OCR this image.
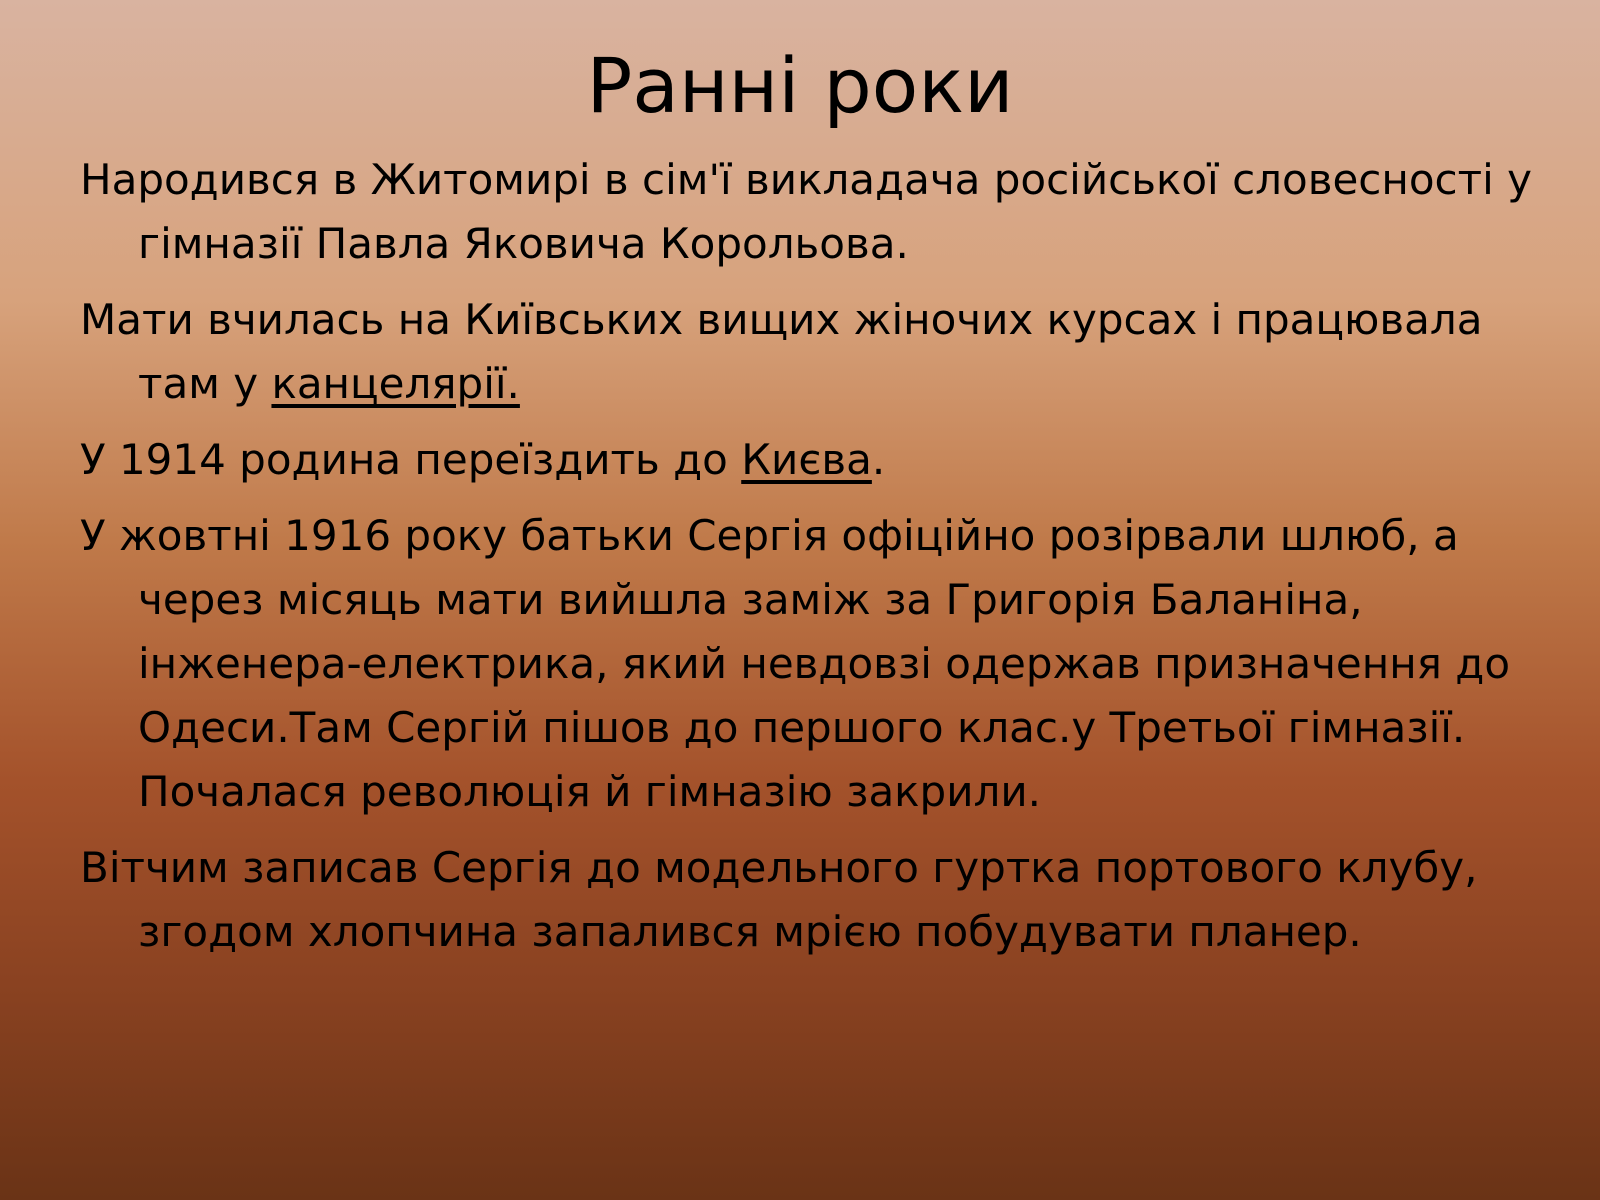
Ранні роки
Народився в Житомирі в сім'ї викладача російської словесності у гімназії Павла Яковича Корольова.
Мати вчилась на Київських вищих жіночих курсах і працювала там у канцелярії.
У 1914 родина переїздить до Києва.
У жовтні 1916 року батьки Сергія офіційно розірвали шлюб, а через місяць мати вийшла заміж за Григорія Баланіна, інженера-електрика, який невдовзі одержав призначення до Одеси.Там Сергій пішов до першого клас.у Третьої гімназії. Почалася революція й гімназію закрили.
Вітчим записав Сергія до модельного гуртка портового клубу, згодом хлопчина запалився мрією побудувати планер.
